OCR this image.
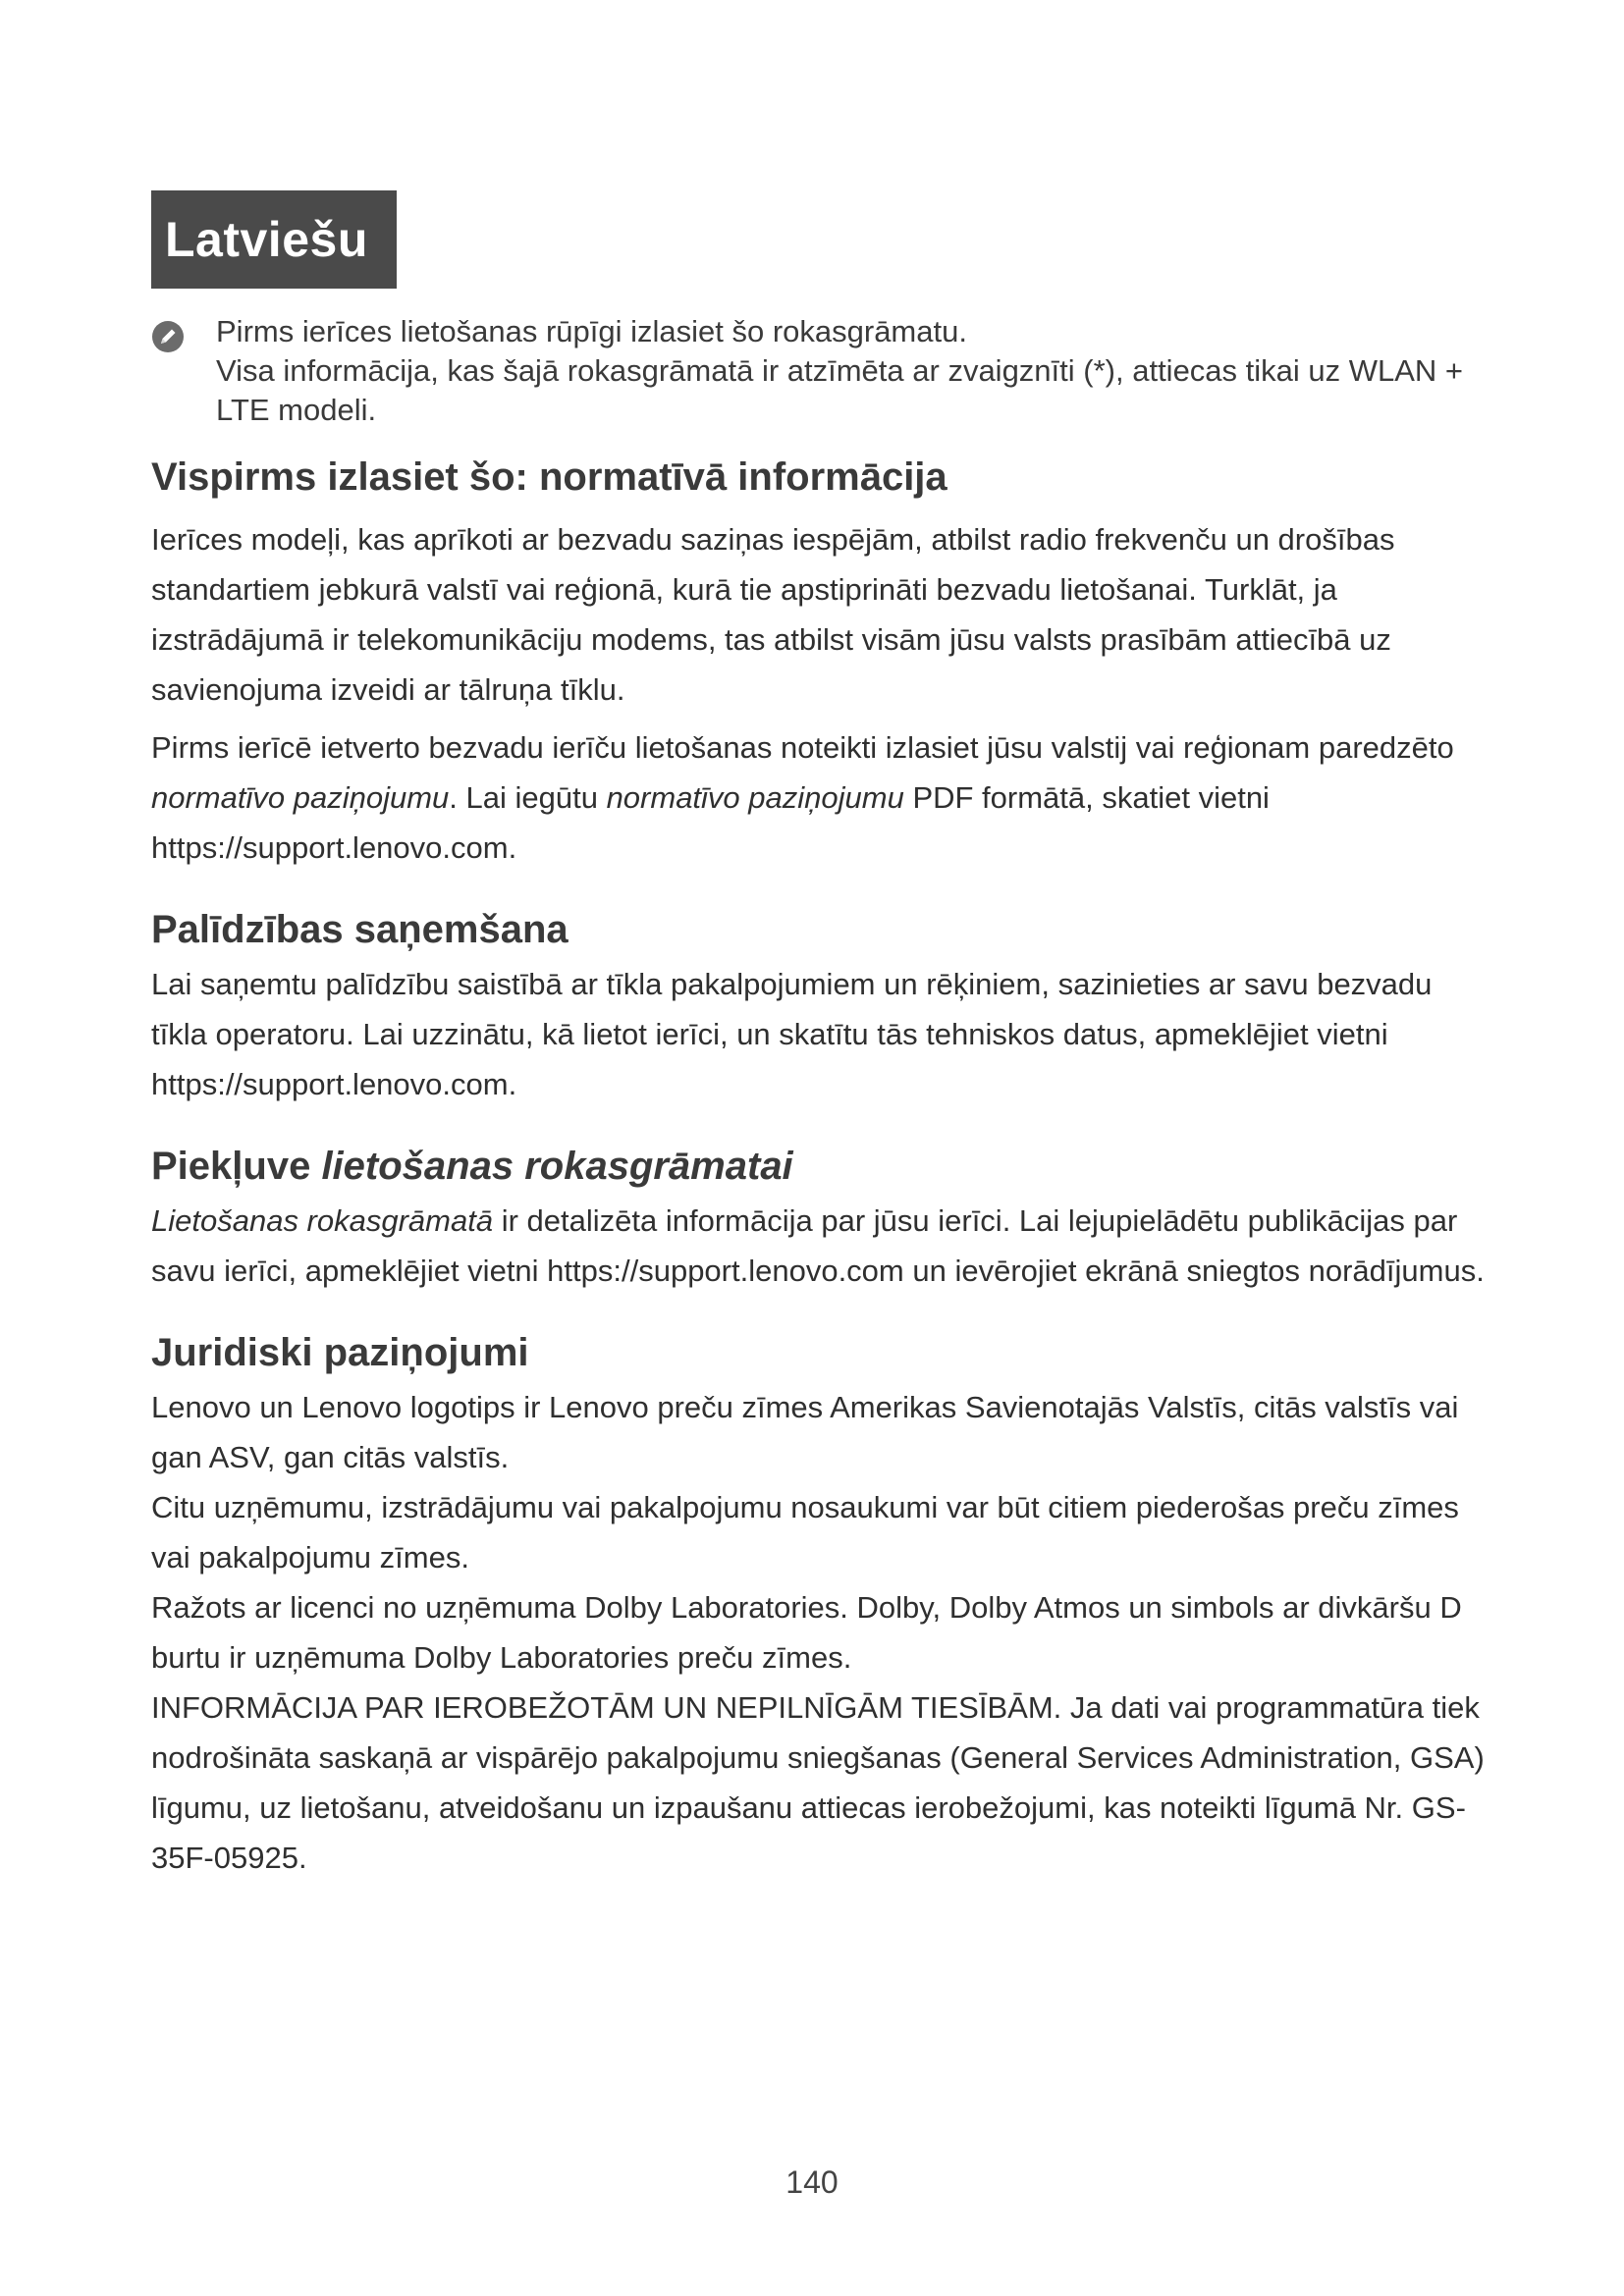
Latviešu

Pirms ierīces lietošanas rūpīgi izlasiet šo rokasgrāmatu.

Visa informācija, kas šajā rokasgrāmatā ir atzīmēta ar zvaigznīti (*), attiecas tikai uz WLAN + LTE modeli.

Vispirms izlasiet šo: normatīvā informācija

Ierīces modeļi, kas aprīkoti ar bezvadu saziņas iespējām, atbilst radio frekvenču un drošības standartiem jebkurā valstī vai reģionā, kurā tie apstiprināti bezvadu lietošanai. Turklāt, ja izstrādājumā ir telekomunikāciju modems, tas atbilst visām jūsu valsts prasībām attiecībā uz savienojuma izveidi ar tālruņa tīklu.

Pirms ierīcē ietverto bezvadu ierīču lietošanas noteikti izlasiet jūsu valstij vai reģionam paredzēto normatīvo paziņojumu. Lai iegūtu normatīvo paziņojumu PDF formātā, skatiet vietni https://support.lenovo.com.

Palīdzības saņemšana

Lai saņemtu palīdzību saistībā ar tīkla pakalpojumiem un rēķiniem, sazinieties ar savu bezvadu tīkla operatoru. Lai uzzinātu, kā lietot ierīci, un skatītu tās tehniskos datus, apmeklējiet vietni https://support.lenovo.com.

Piekļuve lietošanas rokasgrāmatai

Lietošanas rokasgrāmatā ir detalizēta informācija par jūsu ierīci. Lai lejupielādētu publikācijas par savu ierīci, apmeklējiet vietni https://support.lenovo.com un ievērojiet ekrānā sniegtos norādījumus.

Juridiski paziņojumi

Lenovo un Lenovo logotips ir Lenovo preču zīmes Amerikas Savienotajās Valstīs, citās valstīs vai gan ASV, gan citās valstīs.

Citu uzņēmumu, izstrādājumu vai pakalpojumu nosaukumi var būt citiem piederošas preču zīmes vai pakalpojumu zīmes.

Ražots ar licenci no uzņēmuma Dolby Laboratories. Dolby, Dolby Atmos un simbols ar divkāršu D burtu ir uzņēmuma Dolby Laboratories preču zīmes.

INFORMĀCIJA PAR IEROBEŽOTĀM UN NEPILNĪGĀM TIESĪBĀM. Ja dati vai programmatūra tiek nodrošināta saskaņā ar vispārējo pakalpojumu sniegšanas (General Services Administration, GSA) līgumu, uz lietošanu, atveidošanu un izpaušanu attiecas ierobežojumi, kas noteikti līgumā Nr. GS-35F-05925.

140
